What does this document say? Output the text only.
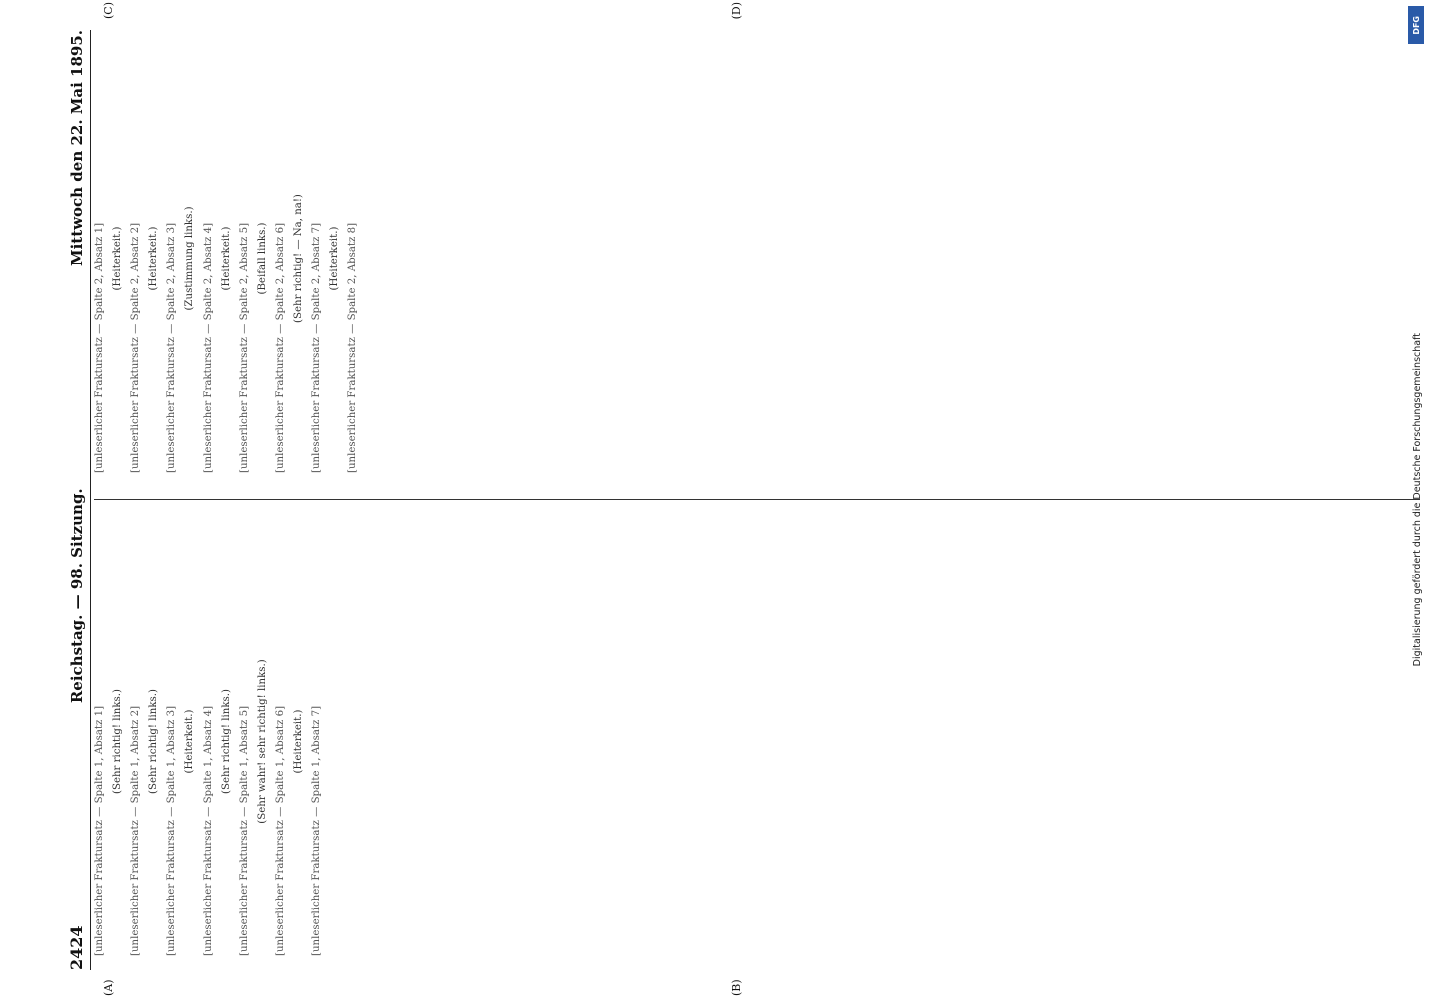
2424
Reichstag. — 98. Sitzung.
Mittwoch den 22. Mai 1895.

[unleserlicher Fraktursatz — Spalte 1, Absatz 1] (Sehr richtig! links.) [unleserlicher Fraktursatz — Spalte 1, Absatz 2] (Sehr richtig! links.) [unleserlicher Fraktursatz — Spalte 1, Absatz 3] (Heiterkeit.) [unleserlicher Fraktursatz — Spalte 1, Absatz 4] (Sehr richtig! links.) [unleserlicher Fraktursatz — Spalte 1, Absatz 5] (Sehr wahr! sehr richtig! links.) [unleserlicher Fraktursatz — Spalte 1, Absatz 6] (Heiterkeit.) [unleserlicher Fraktursatz — Spalte 1, Absatz 7]

[unleserlicher Fraktursatz — Spalte 2, Absatz 1] (Heiterkeit.) [unleserlicher Fraktursatz — Spalte 2, Absatz 2] (Heiterkeit.) [unleserlicher Fraktursatz — Spalte 2, Absatz 3] (Zustimmung links.) [unleserlicher Fraktursatz — Spalte 2, Absatz 4] (Heiterkeit.) [unleserlicher Fraktursatz — Spalte 2, Absatz 5] (Beifall links.) [unleserlicher Fraktursatz — Spalte 2, Absatz 6] (Sehr richtig! — Na, na!) [unleserlicher Fraktursatz — Spalte 2, Absatz 7] (Heiterkeit.) [unleserlicher Fraktursatz — Spalte 2, Absatz 8]

(A)	(B)
(C)	(D)
Digitalisierung gefördert durch die Deutsche Forschungsgemeinschaft
DFG
